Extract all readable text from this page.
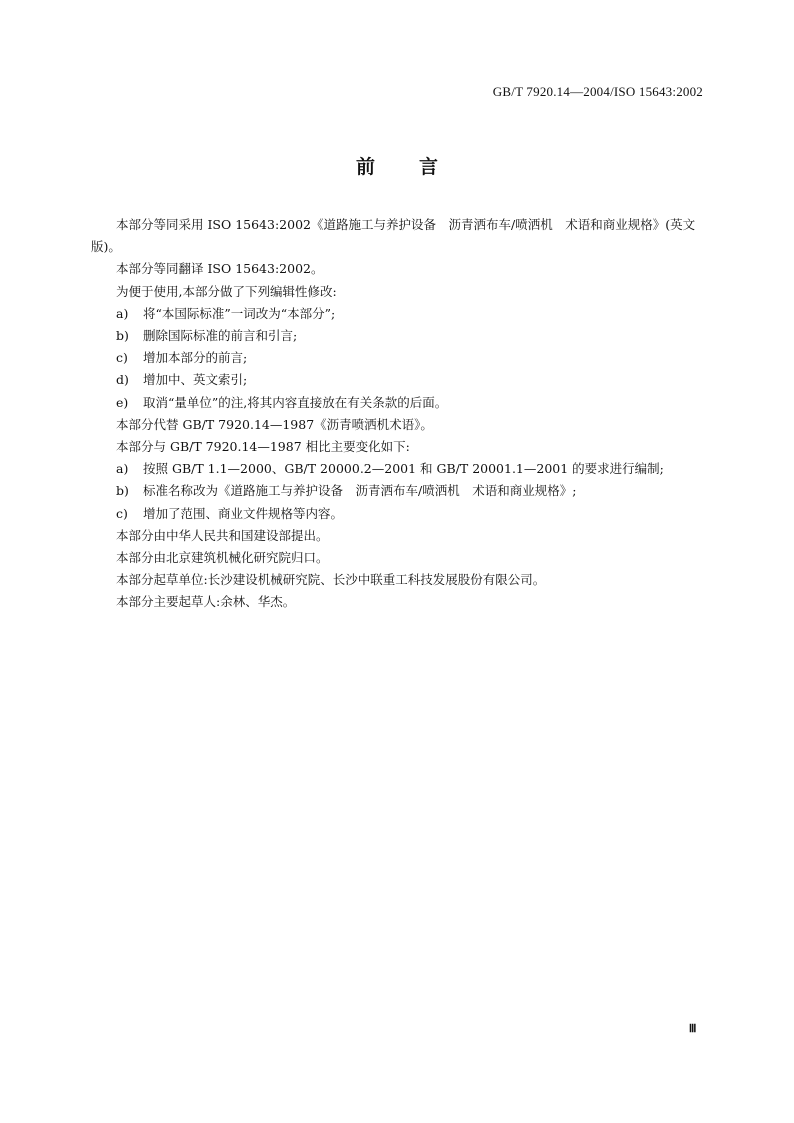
GB/T 7920.14—2004/ISO 15643:2002
前言

本部分等同采用 ISO 15643:2002《道路施工与养护设备　沥青洒布车/喷洒机　术语和商业规格》(英文版)。

本部分等同翻译 ISO 15643:2002。

为便于使用,本部分做了下列编辑性修改:

a) 将“本国际标准”一词改为“本部分”;

b) 删除国际标准的前言和引言;

c) 增加本部分的前言;

d) 增加中、英文索引;

e) 取消“量单位”的注,将其内容直接放在有关条款的后面。

本部分代替 GB/T 7920.14—1987《沥青喷洒机术语》。

本部分与 GB/T 7920.14—1987 相比主要变化如下:

a) 按照 GB/T 1.1—2000、GB/T 20000.2—2001 和 GB/T 20001.1—2001 的要求进行编制;

b) 标准名称改为《道路施工与养护设备　沥青洒布车/喷洒机　术语和商业规格》;

c) 增加了范围、商业文件规格等内容。

本部分由中华人民共和国建设部提出。

本部分由北京建筑机械化研究院归口。

本部分起草单位:长沙建设机械研究院、长沙中联重工科技发展股份有限公司。

本部分主要起草人:余林、华杰。

Ⅲ
